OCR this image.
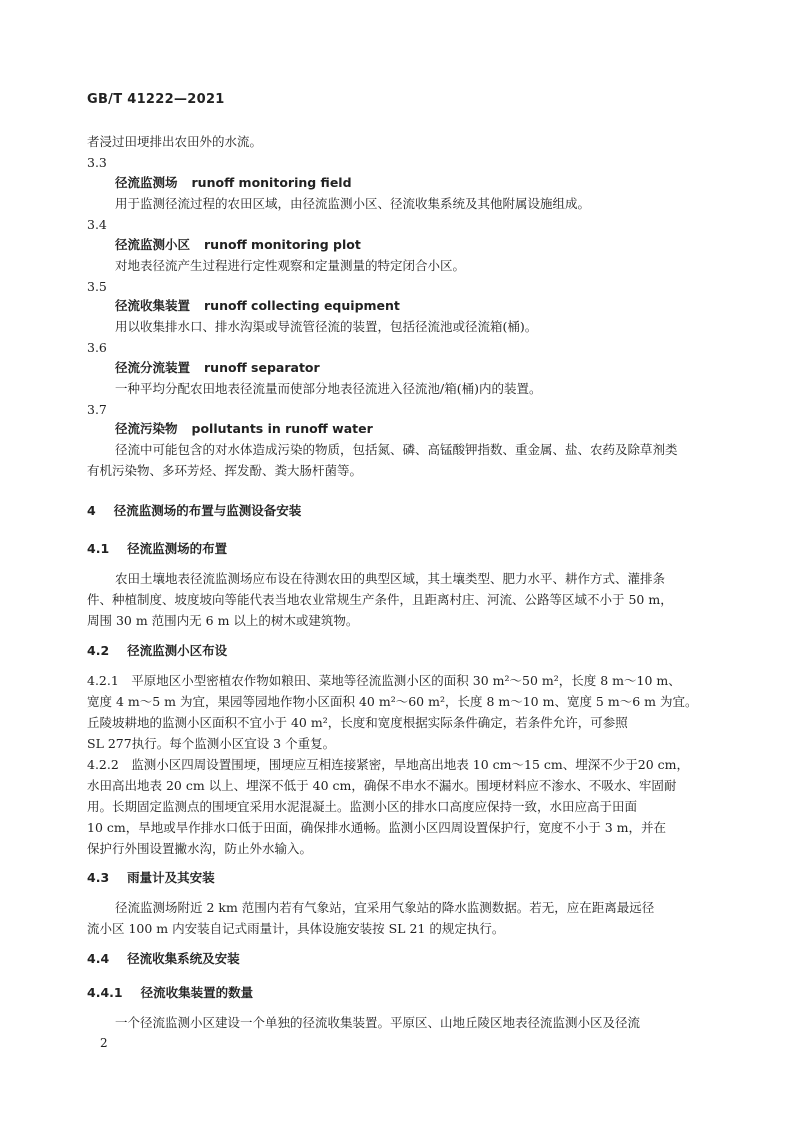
GB/T 41222—2021
者浸过田埂排出农田外的水流。
3.3
径流监测场 runoff monitoring field
用于监测径流过程的农田区域，由径流监测小区、径流收集系统及其他附属设施组成。
3.4
径流监测小区 runoff monitoring plot
对地表径流产生过程进行定性观察和定量测量的特定闭合小区。
3.5
径流收集装置 runoff collecting equipment
用以收集排水口、排水沟渠或导流管径流的装置，包括径流池或径流箱(桶)。
3.6
径流分流装置 runoff separator
一种平均分配农田地表径流量而使部分地表径流进入径流池/箱(桶)内的装置。
3.7
径流污染物 pollutants in runoff water
径流中可能包含的对水体造成污染的物质，包括氮、磷、高锰酸钾指数、重金属、盐、农药及除草剂类
有机污染物、多环芳烃、挥发酚、粪大肠杆菌等。
4 径流监测场的布置与监测设备安装
4.1 径流监测场的布置
农田土壤地表径流监测场应布设在待测农田的典型区域，其土壤类型、肥力水平、耕作方式、灌排条
件、种植制度、坡度坡向等能代表当地农业常规生产条件，且距离村庄、河流、公路等区域不小于 50 m，
周围 30 m 范围内无 6 m 以上的树木或建筑物。
4.2 径流监测小区布设
4.2.1　平原地区小型密植农作物如粮田、菜地等径流监测小区的面积 30 m²～50 m²，长度 8 m～10 m、
宽度 4 m～5 m 为宜，果园等园地作物小区面积 40 m²～60 m²，长度 8 m～10 m、宽度 5 m～6 m 为宜。
丘陵坡耕地的监测小区面积不宜小于 40 m²，长度和宽度根据实际条件确定，若条件允许，可参照
SL 277执行。每个监测小区宜设 3 个重复。
4.2.2　监测小区四周设置围埂，围埂应互相连接紧密，旱地高出地表 10 cm～15 cm、埋深不少于20 cm，
水田高出地表 20 cm 以上、埋深不低于 40 cm，确保不串水不漏水。围埂材料应不渗水、不吸水、牢固耐
用。长期固定监测点的围埂宜采用水泥混凝土。监测小区的排水口高度应保持一致，水田应高于田面
10 cm，旱地或旱作排水口低于田面，确保排水通畅。监测小区四周设置保护行，宽度不小于 3 m，并在
保护行外围设置撇水沟，防止外水输入。
4.3 雨量计及其安装
径流监测场附近 2 km 范围内若有气象站，宜采用气象站的降水监测数据。若无，应在距离最远径
流小区 100 m 内安装自记式雨量计，具体设施安装按 SL 21 的规定执行。
4.4 径流收集系统及安装
4.4.1 径流收集装置的数量
一个径流监测小区建设一个单独的径流收集装置。平原区、山地丘陵区地表径流监测小区及径流
2
